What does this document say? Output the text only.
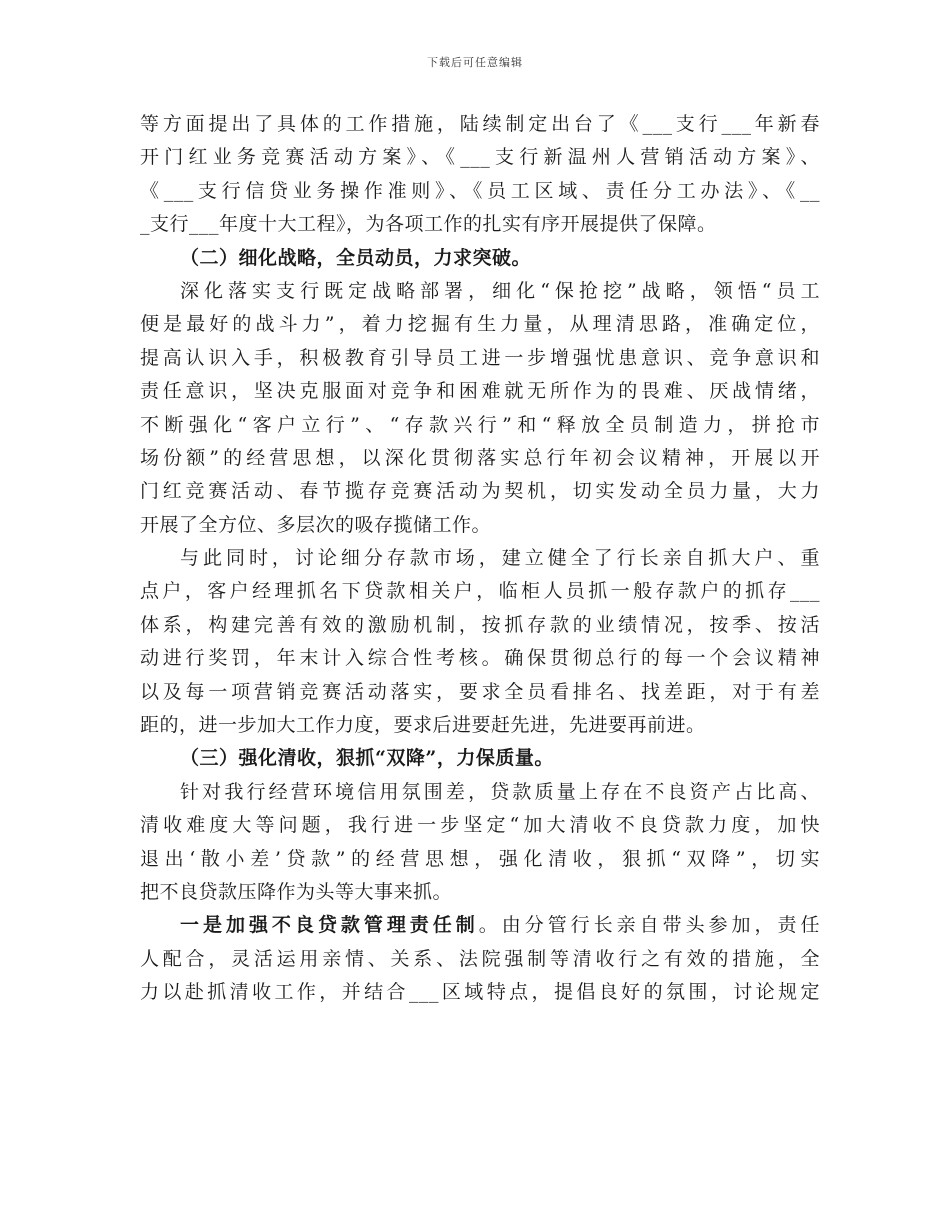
下载后可任意编辑
等方面提出了具体的工作措施，陆续制定出台了《___支行___年新春
开门红业务竞赛活动方案》、《___支行新温州人营销活动方案》、
《___支行信贷业务操作准则》、《员工区域、责任分工办法》、《__
_支行___年度十大工程》，为各项工作的扎实有序开展提供了保障。
（二）细化战略，全员动员，力求突破。
深化落实支行既定战略部署，细化“保抢挖”战略，领悟“员工
便是最好的战斗力”，着力挖掘有生力量，从理清思路，准确定位，
提高认识入手，积极教育引导员工进一步增强忧患意识、竞争意识和
责任意识，坚决克服面对竞争和困难就无所作为的畏难、厌战情绪，
不断强化“客户立行”、“存款兴行”和“释放全员制造力，拼抢市
场份额”的经营思想，以深化贯彻落实总行年初会议精神，开展以开
门红竞赛活动、春节揽存竞赛活动为契机，切实发动全员力量，大力
开展了全方位、多层次的吸存揽储工作。
与此同时，讨论细分存款市场，建立健全了行长亲自抓大户、重
点户，客户经理抓名下贷款相关户，临柜人员抓一般存款户的抓存___
体系，构建完善有效的激励机制，按抓存款的业绩情况，按季、按活
动进行奖罚，年末计入综合性考核。确保贯彻总行的每一个会议精神
以及每一项营销竞赛活动落实，要求全员看排名、找差距，对于有差
距的，进一步加大工作力度，要求后进要赶先进，先进要再前进。
（三）强化清收，狠抓“双降”，力保质量。
针对我行经营环境信用氛围差，贷款质量上存在不良资产占比高、
清收难度大等问题，我行进一步坚定“加大清收不良贷款力度，加快
退出‘散小差’贷款”的经营思想，强化清收，狠抓“双降”，切实
把不良贷款压降作为头等大事来抓。
一是加强不良贷款管理责任制。由分管行长亲自带头参加，责任
人配合，灵活运用亲情、关系、法院强制等清收行之有效的措施，全
力以赴抓清收工作，并结合___区域特点，提倡良好的氛围，讨论规定
